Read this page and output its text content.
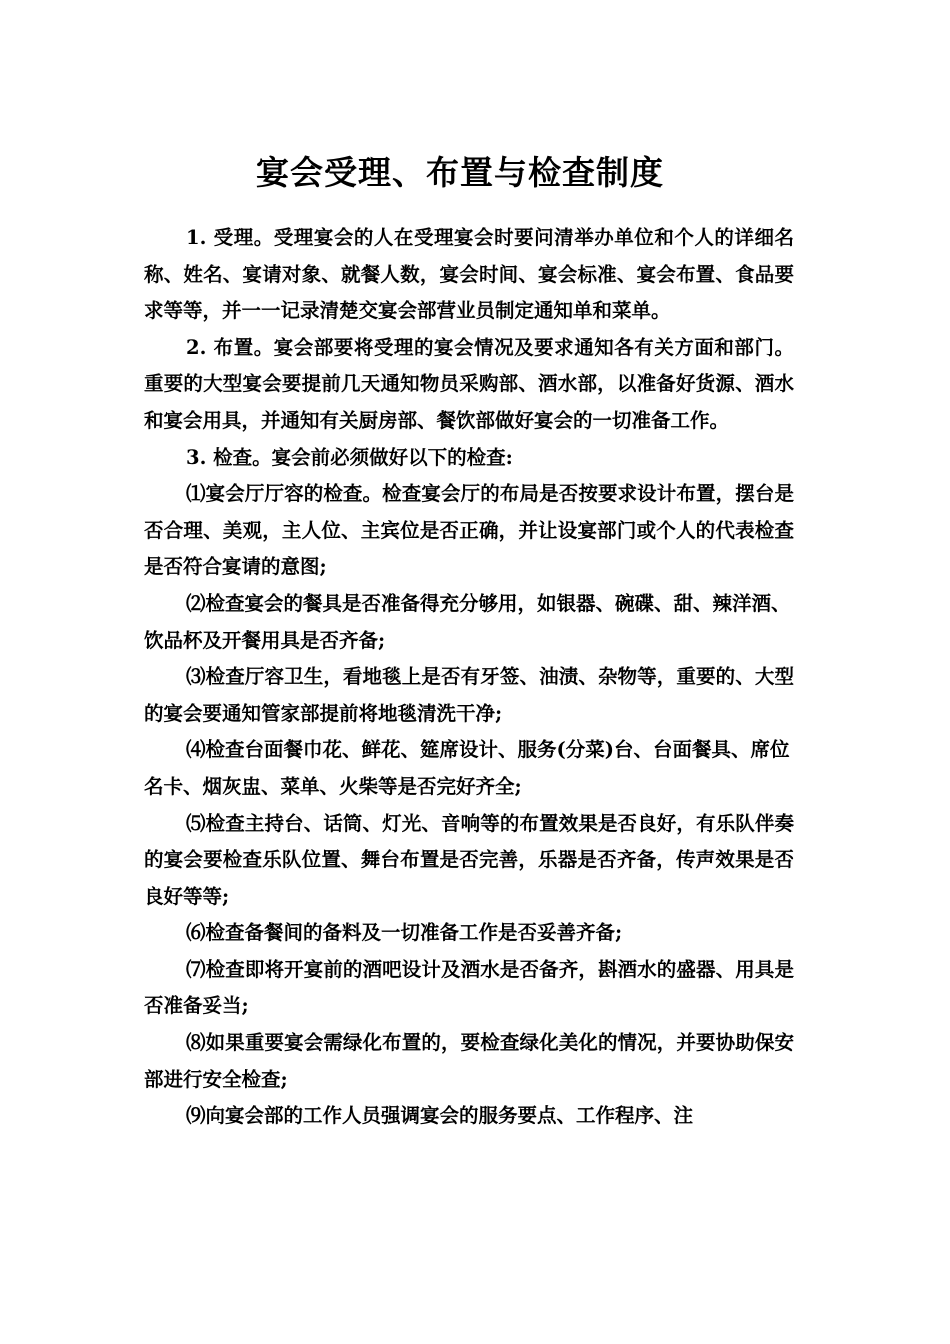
宴会受理、布置与检查制度

1. 受理。受理宴会的人在受理宴会时要问清举办单位和个人的详细名称、姓名、宴请对象、就餐人数，宴会时间、宴会标准、宴会布置、食品要求等等，并一一记录清楚交宴会部营业员制定通知单和菜单。

2. 布置。宴会部要将受理的宴会情况及要求通知各有关方面和部门。重要的大型宴会要提前几天通知物员采购部、酒水部，以准备好货源、酒水和宴会用具，并通知有关厨房部、餐饮部做好宴会的一切准备工作。

3. 检查。宴会前必须做好以下的检查:

⑴宴会厅厅容的检查。检查宴会厅的布局是否按要求设计布置，摆台是否合理、美观，主人位、主宾位是否正确，并让设宴部门或个人的代表检查是否符合宴请的意图;

⑵检查宴会的餐具是否准备得充分够用，如银器、碗碟、甜、辣洋酒、饮品杯及开餐用具是否齐备;

⑶检查厅容卫生，看地毯上是否有牙签、油渍、杂物等，重要的、大型的宴会要通知管家部提前将地毯清洗干净;

⑷检查台面餐巾花、鲜花、筵席设计、服务(分菜)台、台面餐具、席位名卡、烟灰盅、菜单、火柴等是否完好齐全;

⑸检查主持台、话筒、灯光、音响等的布置效果是否良好，有乐队伴奏的宴会要检查乐队位置、舞台布置是否完善，乐器是否齐备，传声效果是否良好等等;

⑹检查备餐间的备料及一切准备工作是否妥善齐备;

⑺检查即将开宴前的酒吧设计及酒水是否备齐，斟酒水的盛器、用具是否准备妥当;

⑻如果重要宴会需绿化布置的，要检查绿化美化的情况，并要协助保安部进行安全检查;

⑼向宴会部的工作人员强调宴会的服务要点、工作程序、注
